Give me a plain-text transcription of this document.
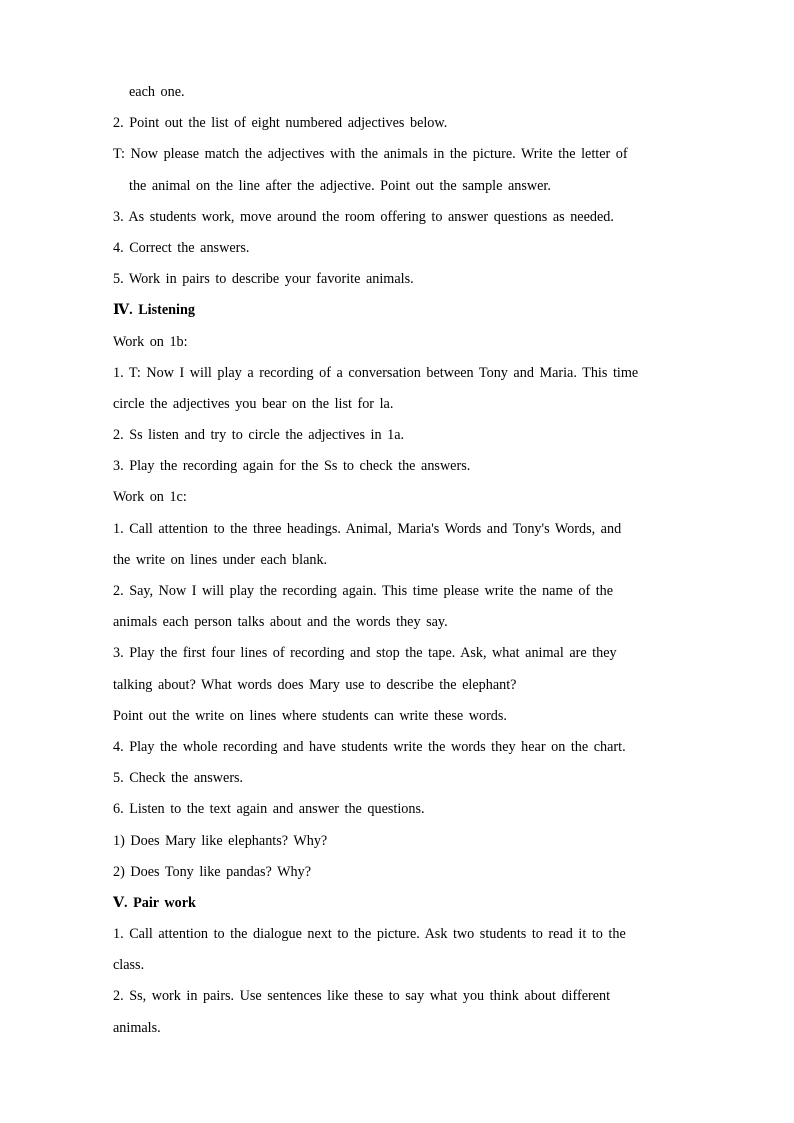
each one.
2. Point out the list of eight numbered adjectives below.
T: Now please match the adjectives with the animals in the picture. Write the letter of
the animal on the line after the adjective. Point out the sample answer.
3. As students work, move around the room offering to answer questions as needed.
4. Correct the answers.
5. Work in pairs to describe your favorite animals.
Ⅳ. Listening
Work on 1b:
1. T: Now I will play a recording of a conversation between Tony and Maria. This time
circle the adjectives you bear on the list for la.
2. Ss listen and try to circle the adjectives in 1a.
3. Play the recording again for the Ss to check the answers.
Work on 1c:
1. Call attention to the three headings. Animal, Maria's Words and Tony's Words, and
the write on lines under each blank.
2. Say, Now I will play the recording again. This time please write the name of the
animals each person talks about and the words they say.
3. Play the first four lines of recording and stop the tape. Ask, what animal are they
talking about? What words does Mary use to describe the elephant?
Point out the write on lines where students can write these words.
4. Play the whole recording and have students write the words they hear on the chart.
5. Check the answers.
6. Listen to the text again and answer the questions.
1) Does Mary like elephants? Why?
2) Does Tony like pandas? Why?
Ⅴ. Pair work
1. Call attention to the dialogue next to the picture. Ask two students to read it to the
class.
2. Ss, work in pairs. Use sentences like these to say what you think about different
animals.
